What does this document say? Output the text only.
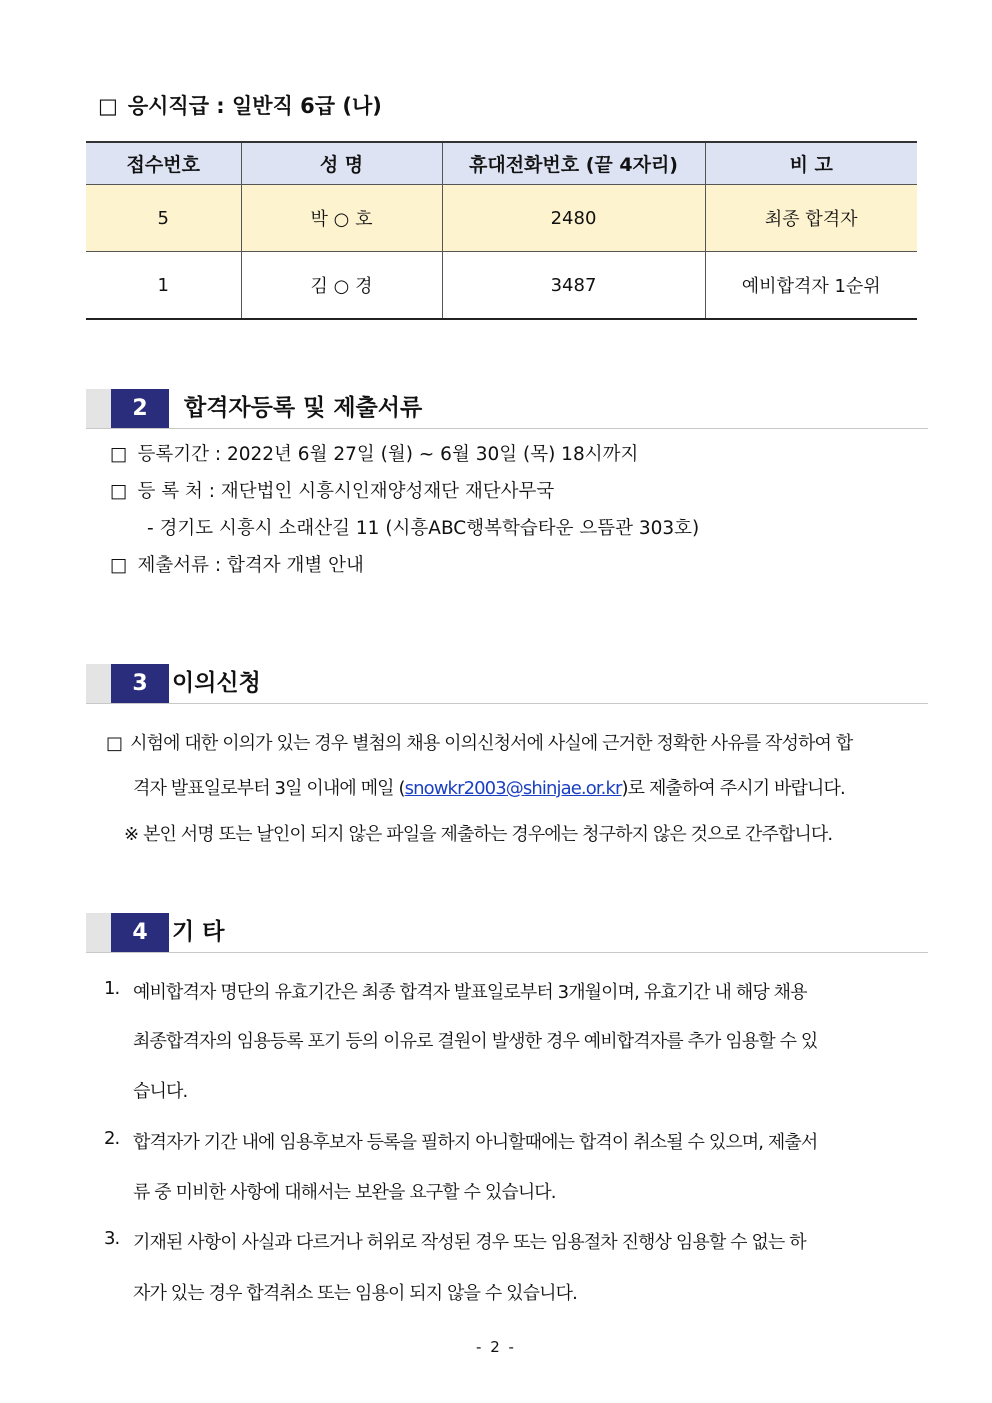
□ 응시직급 : 일반직 6급 (나)
접수번호	성 명	휴대전화번호 (끝 4자리)	비 고
5	박 ○ 호	2480	최종 합격자
1	김 ○ 경	3487	예비합격자 1순위
2	합격자등록 및 제출서류
□ 등록기간 : 2022년 6월 27일 (월) ~ 6월 30일 (목) 18시까지
□ 등 록 처 : 재단법인 시흥시인재양성재단 재단사무국
- 경기도 시흥시 소래산길 11 (시흥ABC행복학습타운 으뜸관 303호)
□ 제출서류 : 합격자 개별 안내
3	이의신청
□ 시험에 대한 이의가 있는 경우 별첨의 채용 이의신청서에 사실에 근거한 정확한 사유를 작성하여 합
격자 발표일로부터 3일 이내에 메일 (snowkr2003@shinjae.or.kr)로 제출하여 주시기 바랍니다.
※ 본인 서명 또는 날인이 되지 않은 파일을 제출하는 경우에는 청구하지 않은 것으로 간주합니다.
4	기 타
1. 예비합격자 명단의 유효기간은 최종 합격자 발표일로부터 3개월이며, 유효기간 내 해당 채용
최종합격자의 임용등록 포기 등의 이유로 결원이 발생한 경우 예비합격자를 추가 임용할 수 있
습니다.
2. 합격자가 기간 내에 임용후보자 등록을 필하지 아니할때에는 합격이 취소될 수 있으며, 제출서
류 중 미비한 사항에 대해서는 보완을 요구할 수 있습니다.
3. 기재된 사항이 사실과 다르거나 허위로 작성된 경우 또는 임용절차 진행상 임용할 수 없는 하
자가 있는 경우 합격취소 또는 임용이 되지 않을 수 있습니다.
- 2 -
